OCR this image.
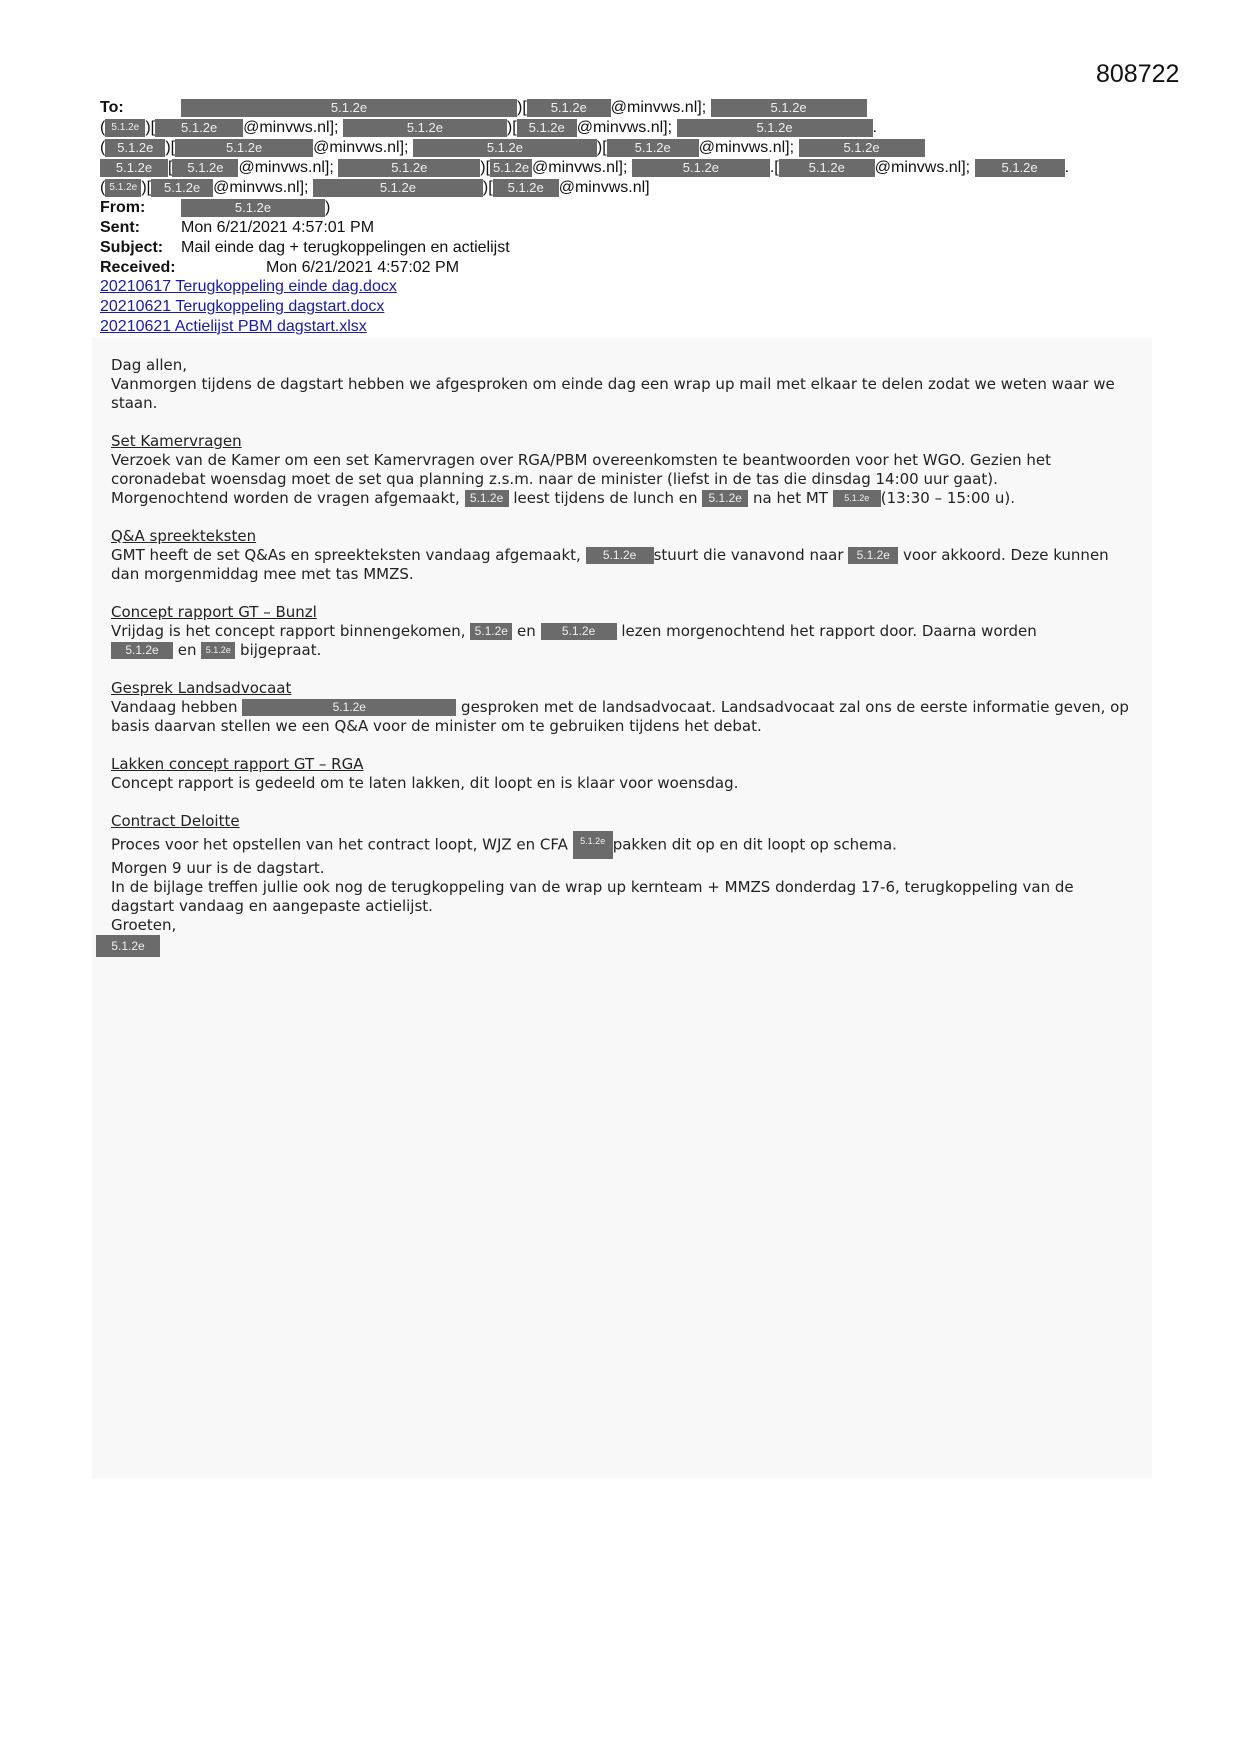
808722
To:	5.1.2e	)[ 5.1.2e @minvws.nl];	5.1.2e
( 5.1.2e )[ 5.1.2e @minvws.nl];	5.1.2e	)[ 5.1.2e @minvws.nl];	5.1.2e	.
( 5.1.2e )[	5.1.2e	@minvws.nl];	5.1.2e	)[ 5.1.2e @minvws.nl];	5.1.2e
5.1.2e [ 5.1.2e @minvws.nl];	5.1.2e	)[ 5.1.2e @minvws.nl];	5.1.2e	.[ 5.1.2e @minvws.nl]; 5.1.2e .
( 5.1.2e )[ 5.1.2e @minvws.nl];	5.1.2e	)[ 5.1.2e @minvws.nl]
From:	5.1.2e	)
Sent:	Mon 6/21/2021 4:57:01 PM
Subject: Mail einde dag + terugkoppelingen en actielijst
Received:	Mon 6/21/2021 4:57:02 PM
20210617 Terugkoppeling einde dag.docx
20210621 Terugkoppeling dagstart.docx
20210621 Actielijst PBM dagstart.xlsx

Dag allen,

Vanmorgen tijdens de dagstart hebben we afgesproken om einde dag een wrap up mail met elkaar te delen zodat we weten waar we staan.

Set Kamervragen

Verzoek van de Kamer om een set Kamervragen over RGA/PBM overeenkomsten te beantwoorden voor het WGO. Gezien het coronadebat woensdag moet de set qua planning z.s.m. naar de minister (liefst in de tas die dinsdag 14:00 uur gaat).

Morgenochtend worden de vragen afgemaakt, 5.1.2e leest tijdens de lunch en 5.1.2e na het MT 5.1.2e (13:30 – 15:00 u).

Q&A spreekteksten

GMT heeft de set Q&As en spreekteksten vandaag afgemaakt, 5.1.2e stuurt die vanavond naar 5.1.2e voor akkoord. Deze kunnen dan morgenmiddag mee met tas MMZS.

Concept rapport GT – Bunzl

Vrijdag is het concept rapport binnengekomen, 5.1.2e en 5.1.2e lezen morgenochtend het rapport door. Daarna worden

5.1.2e en 5.1.2e bijgepraat.

Gesprek Landsadvocaat

Vandaag hebben	5.1.2e	gesproken met de landsadvocaat. Landsadvocaat zal ons de eerste informatie geven, op basis daarvan stellen we een Q&A voor de minister om te gebruiken tijdens het debat.

Lakken concept rapport GT – RGA

Concept rapport is gedeeld om te laten lakken, dit loopt en is klaar voor woensdag.

Contract Deloitte

Proces voor het opstellen van het contract loopt, WJZ en CFA 5.1.2e pakken dit op en dit loopt op schema.

Morgen 9 uur is de dagstart.

In de bijlage treffen jullie ook nog de terugkoppeling van de wrap up kernteam + MMZS donderdag 17-6, terugkoppeling van de dagstart vandaag en aangepaste actielijst.

Groeten,

5.1.2e
